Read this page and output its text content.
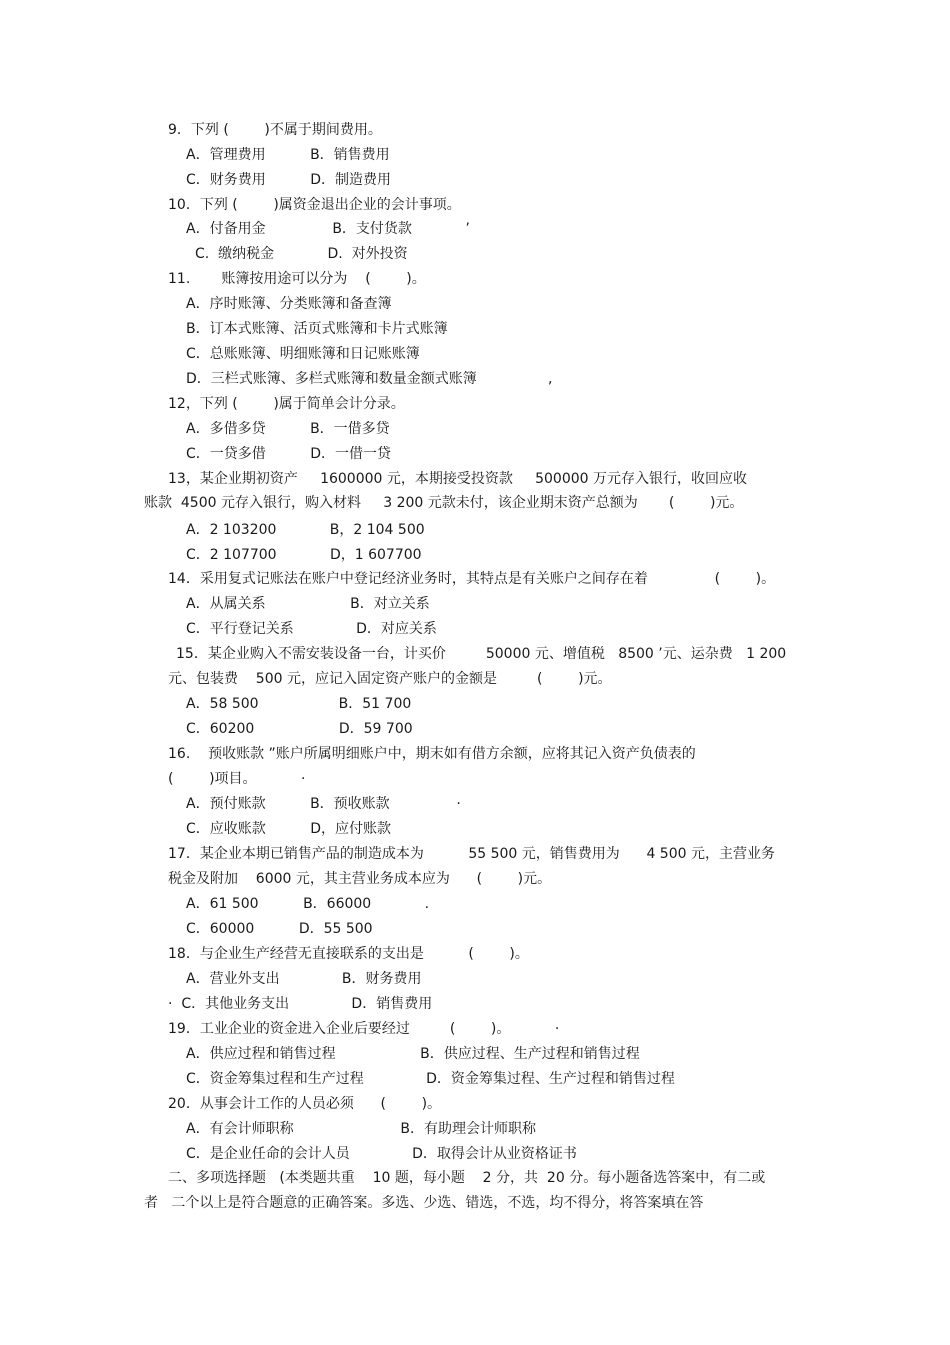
9．下列 (        )不属于期间费用。
A．管理费用          B．销售费用
C．财务费用          D．制造费用
10．下列 (        )属资金退出企业的会计事项。
A．付备用金               B．支付货款            ’
C.  缴纳税金            D.  对外投资
11.       账簿按用途可以分为    (        )。
A．序时账簿、分类账簿和备查簿
B．订本式账簿、活页式账簿和卡片式账簿
C．总账账簿、明细账簿和日记账账簿
D．三栏式账簿、多栏式账簿和数量金额式账簿                ,
12，下列 (        )属于简单会计分录。
A．多借多贷          B．一借多贷
C．一贷多借          D．一借一贷
13，某企业期初资产     1600000 元，本期接受投资款     500000 万元存入银行，收回应收
账款  4500 元存入银行，购入材料     3 200 元款未付，该企业期末资产总额为       (        )元。
A．2 103200            B，2 104 500
C．2 107700            D，1 607700
14．采用复式记账法在账户中登记经济业务时，其特点是有关账户之间存在着               (        )。
A．从属关系                   B．对立关系
C．平行登记关系              D．对应关系
15．某企业购入不需安装设备一台，计买价         50000 元、增值税   8500 ’元、运杂费   1 200
元、包装费    500 元，应记入固定资产账户的金额是         (        )元。
A．58 500                  B．51 700
C．60200                   D．59 700
16.    预收账款 ”账户所属明细账户中，期末如有借方余额，应将其记入资产负债表的
(        )项目。          ·
A．预付账款          B．预收账款               ·
C．应收账款          D，应付账款
17．某企业本期已销售产品的制造成本为          55 500 元，销售费用为      4 500 元，主营业务
税金及附加    6000 元，其主营业务成本应为      (        )元。
A．61 500          B．66000            .
C．60000          D．55 500
18．与企业生产经营无直接联系的支出是          (        )。
A．营业外支出              B．财务费用
·  C．其他业务支出              D．销售费用
19．工业企业的资金进入企业后要经过         (        )。          ·
A．供应过程和销售过程                   B．供应过程、生产过程和销售过程
C．资金筹集过程和生产过程              D．资金筹集过程、生产过程和销售过程
20．从事会计工作的人员必须      (        )。
A．有会计师职称                        B．有助理会计师职称
C．是企业任命的会计人员              D．取得会计从业资格证书
二、多项选择题   (本类题共重    10 题，每小题    2 分，共  20 分。每小题备选答案中，有二或
者   二个以上是符合题意的正确答案。多选、少选、错选，不选，均不得分，将答案填在答
